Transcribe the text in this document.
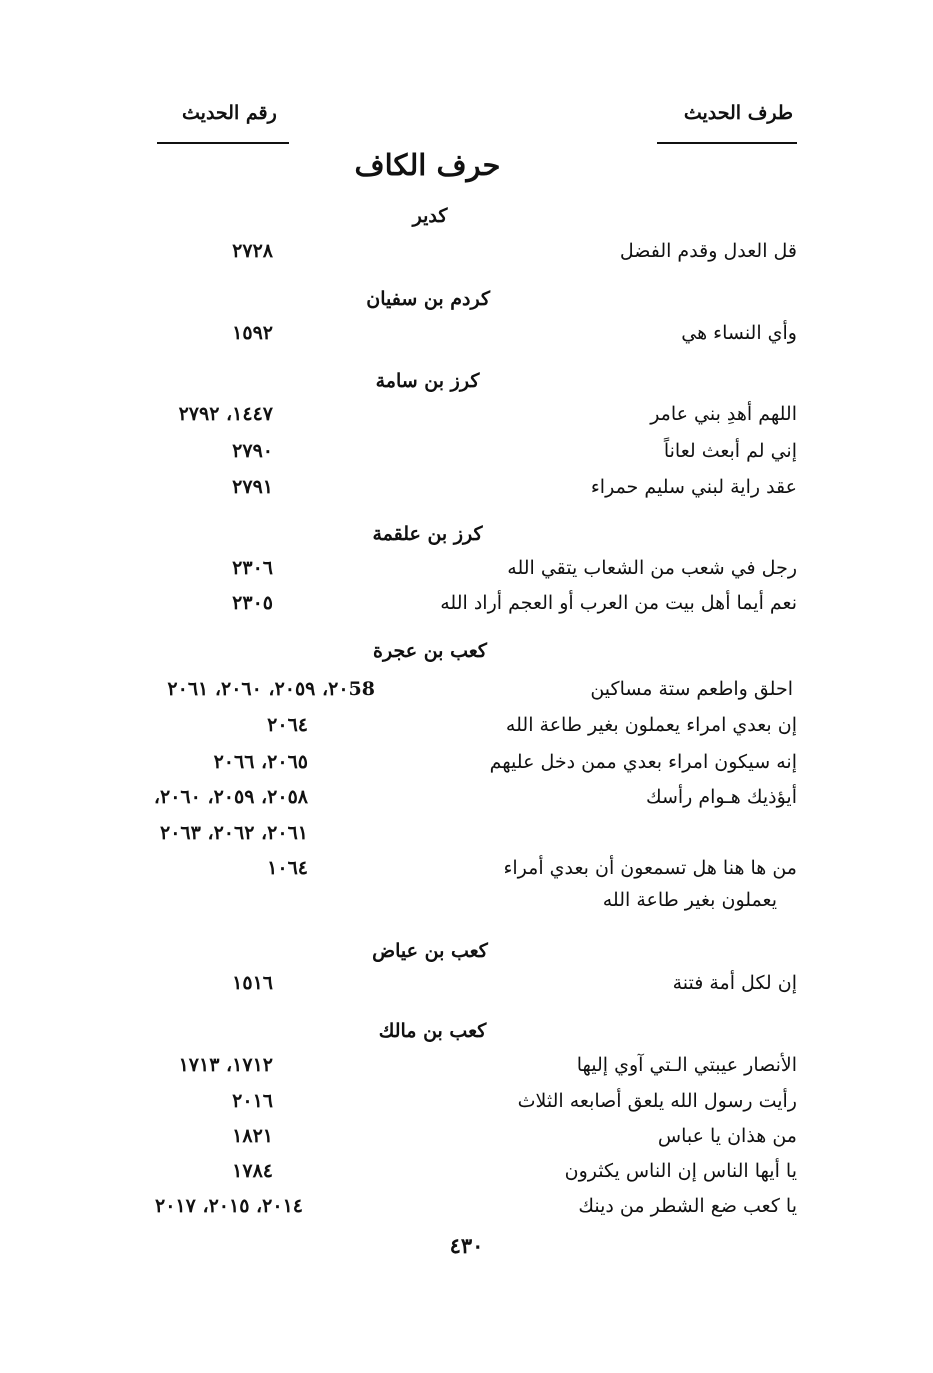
طرف الحديث
رقم الحديث
حرف الكاف
كدير
قل العدل وقدم الفضل
٢٧٢٨
كردم بن سفيان
وأي النساء هي
١٥٩٢
كرز بن سامة
اللهم أهدِ بني عامر
١٤٤٧، ٢٧٩٢
إني لم أبعث لعاناً
٢٧٩٠
عقد راية لبني سليم حمراء
٢٧٩١
كرز بن علقمة
رجل في شعب من الشعاب يتقي الله
٢٣٠٦
نعم أيما أهل بيت من العرب أو العجم أراد الله
٢٣٠٥
كعب بن عجرة
احلق واطعم ستة مساكين
٢٠58، ٢٠٥٩، ٢٠٦٠، ٢٠٦١
إن بعدي امراء يعملون بغير طاعة الله
٢٠٦٤
إنه سيكون امراء بعدي ممن دخل عليهم
٢٠٦٥، ٢٠٦٦
أيؤذيك هـوام رأسك
٢٠٥٨، ٢٠٥٩، ٢٠٦٠،
٢٠٦١، ٢٠٦٢، ٢٠٦٣
من ها هنا هل تسمعون أن بعدي أمراء
يعملون بغير طاعة الله
١٠٦٤
كعب بن عياض
إن لكل أمة فتنة
١٥١٦
كعب بن مالك
الأنصار عيبتي الـتي آوي إليها
١٧١٢، ١٧١٣
رأيت رسول الله يلعق أصابعه الثلاث
٢٠١٦
من هذان يا عباس
١٨٢١
يا أيها الناس إن الناس يكثرون
١٧٨٤
يا كعب ضع الشطر من دينك
٢٠١٤، ٢٠١٥، ٢٠١٧
٤٣٠
